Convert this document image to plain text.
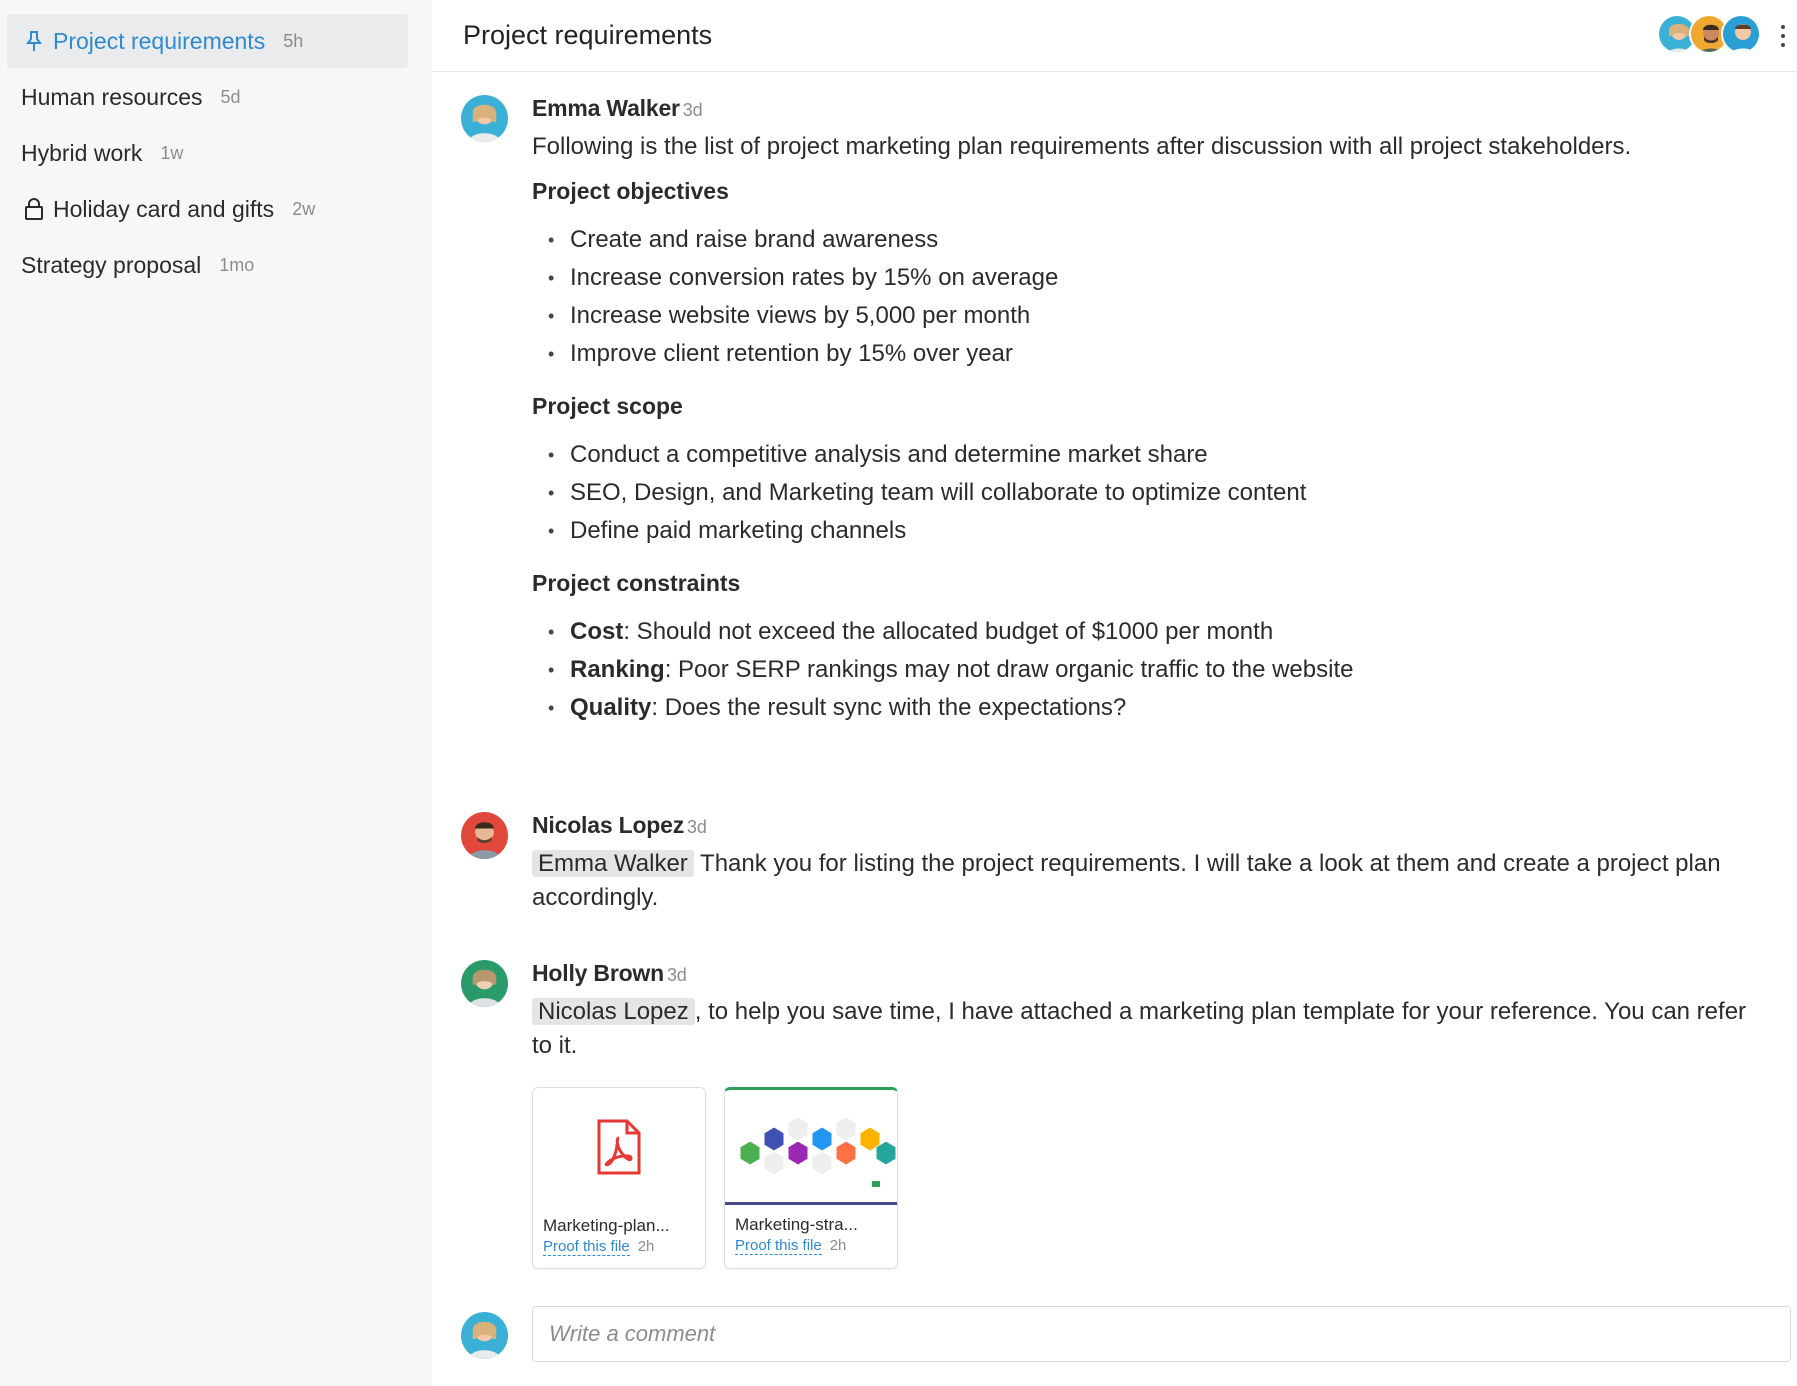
Project requirements 5h
Human resources 5d
Hybrid work 1w
Holiday card and gifts 2w
Strategy proposal 1mo
Project requirements
Emma Walker 3d
Following is the list of project marketing plan requirements after discussion with all project stakeholders.
Project objectives
• Create and raise brand awareness
• Increase conversion rates by 15% on average
• Increase website views by 5,000 per month
• Improve client retention by 15% over year
Project scope
• Conduct a competitive analysis and determine market share
• SEO, Design, and Marketing team will collaborate to optimize content
• Define paid marketing channels
Project constraints
• Cost: Should not exceed the allocated budget of $1000 per month
• Ranking: Poor SERP rankings may not draw organic traffic to the website
• Quality: Does the result sync with the expectations?
Nicolas Lopez 3d
Emma Walker Thank you for listing the project requirements. I will take a look at them and create a project plan accordingly.
Holly Brown 3d
Nicolas Lopez , to help you save time, I have attached a marketing plan template for your reference. You can refer to it.
Marketing-plan...
Proof this file 2h
Marketing-stra...
Proof this file 2h
Write a comment
